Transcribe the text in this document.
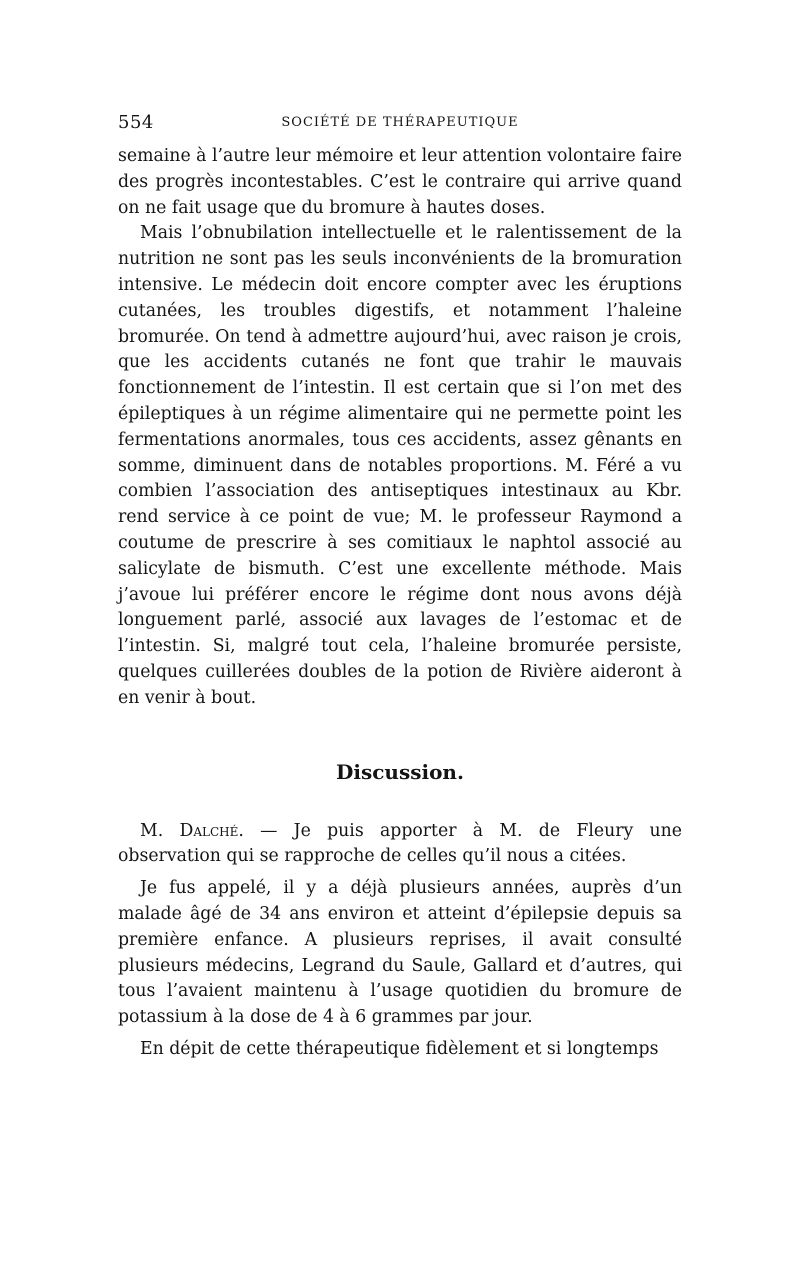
554	SOCIÉTÉ DE THÉRAPEUTIQUE

semaine à l’autre leur mémoire et leur attention volontaire faire des progrès incontestables. C’est le contraire qui arrive quand on ne fait usage que du bromure à hautes doses.

Mais l’obnubilation intellectuelle et le ralentissement de la nutrition ne sont pas les seuls inconvénients de la bromuration intensive. Le médecin doit encore compter avec les éruptions cutanées, les troubles digestifs, et notamment l’haleine bromurée. On tend à admettre aujourd’hui, avec raison je crois, que les accidents cutanés ne font que trahir le mauvais fonctionnement de l’intestin. Il est certain que si l’on met des épileptiques à un régime alimentaire qui ne permette point les fermentations anormales, tous ces accidents, assez gênants en somme, diminuent dans de notables proportions. M. Féré a vu combien l’association des antiseptiques intestinaux au Kbr. rend service à ce point de vue; M. le professeur Raymond a coutume de prescrire à ses comitiaux le naphtol associé au salicylate de bismuth. C’est une excellente méthode. Mais j’avoue lui préférer encore le régime dont nous avons déjà longuement parlé, associé aux lavages de l’estomac et de l’intestin. Si, malgré tout cela, l’haleine bromurée persiste, quelques cuillerées doubles de la potion de Rivière aideront à en venir à bout.

Discussion.

M. Dalché. — Je puis apporter à M. de Fleury une observation qui se rapproche de celles qu’il nous a citées.

Je fus appelé, il y a déjà plusieurs années, auprès d’un malade âgé de 34 ans environ et atteint d’épilepsie depuis sa première enfance. A plusieurs reprises, il avait consulté plusieurs médecins, Legrand du Saule, Gallard et d’autres, qui tous l’avaient maintenu à l’usage quotidien du bromure de potassium à la dose de 4 à 6 grammes par jour.

En dépit de cette thérapeutique fidèlement et si longtemps
